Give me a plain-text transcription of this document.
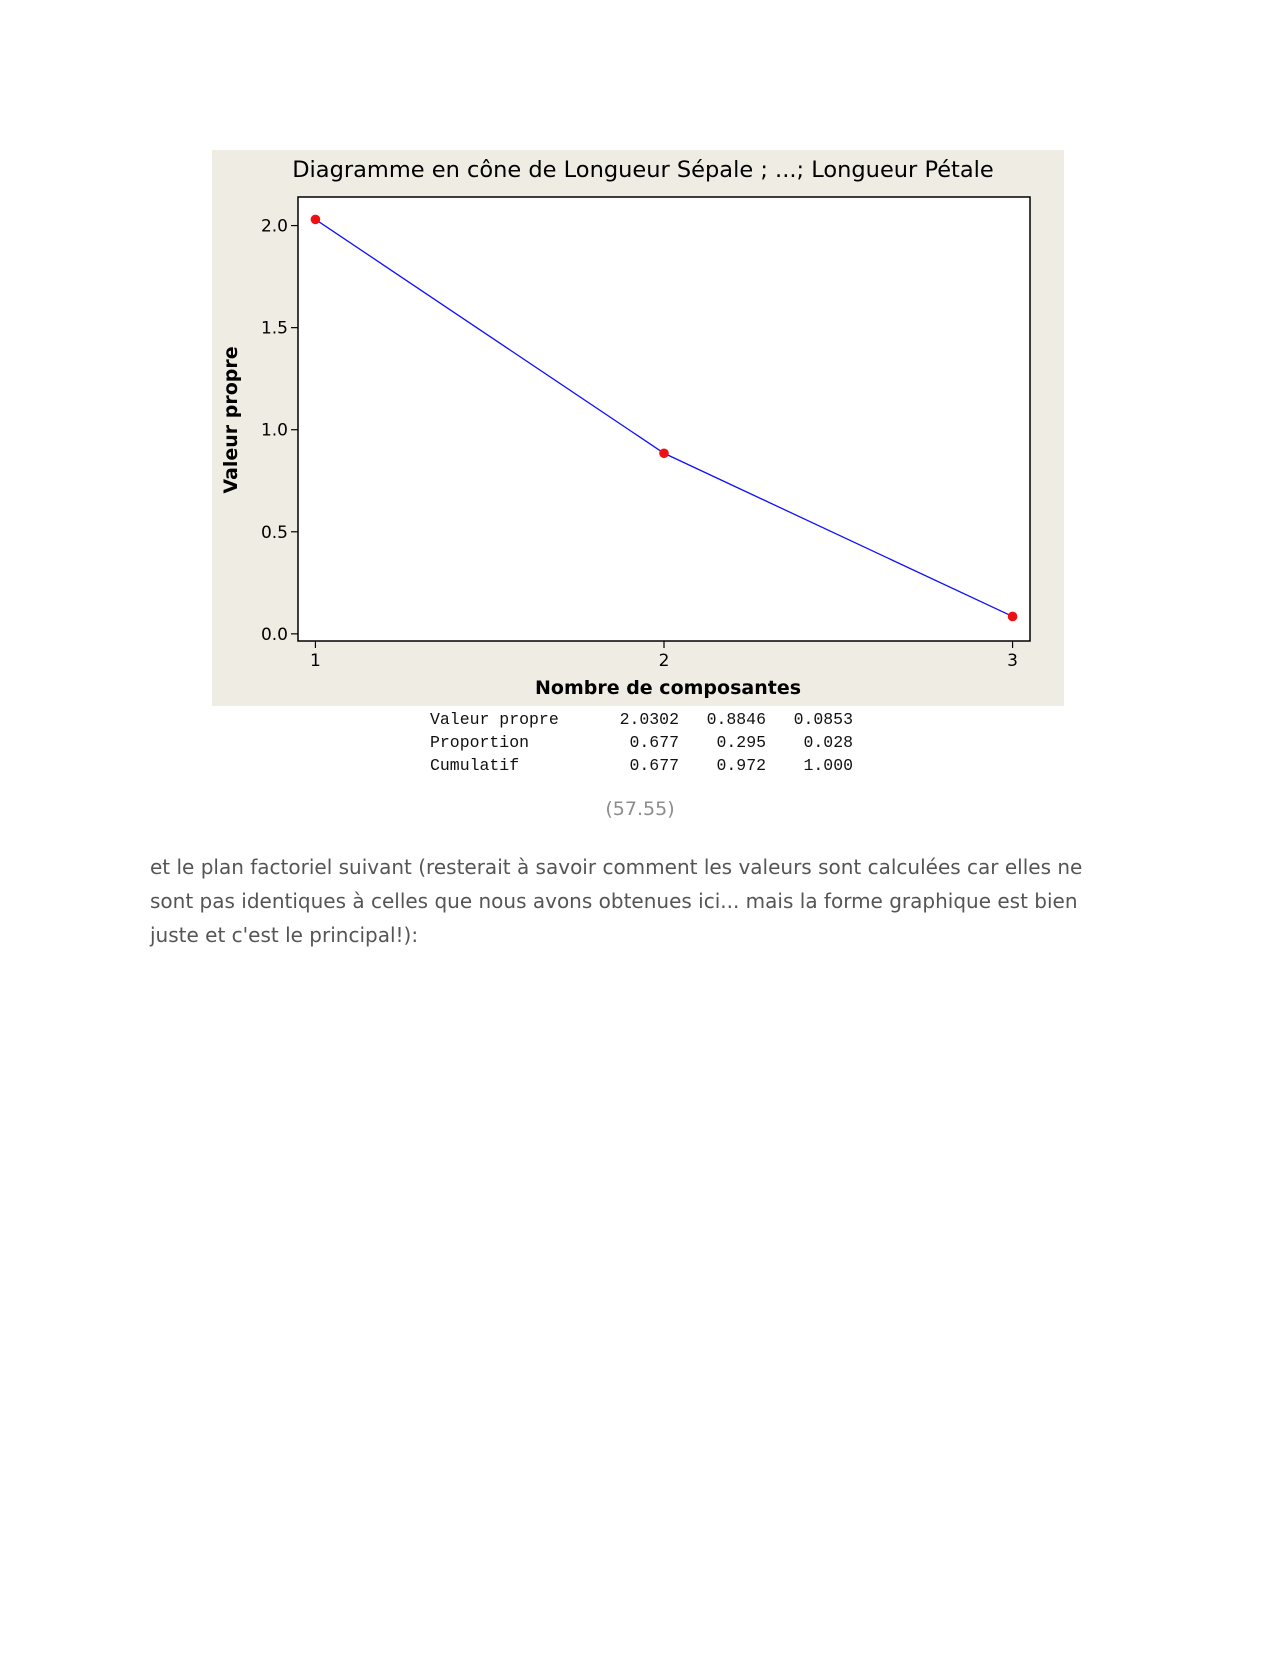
Diagramme en cône de Longueur Sépale ; ...; Longueur Pétale
0.0
0.5
1.0
1.5
2.0
1	2	3
Nombre de composantes
Valeur propre
Valeur propre	2.0302	0.8846	0.0853
Proportion	0.677	0.295	0.028
Cumulatif	0.677	0.972	1.000
(57.55)

et le plan factoriel suivant (resterait à savoir comment les valeurs sont calculées car elles ne sont pas identiques à celles que nous avons obtenues ici... mais la forme graphique est bien juste et c'est le principal!):
